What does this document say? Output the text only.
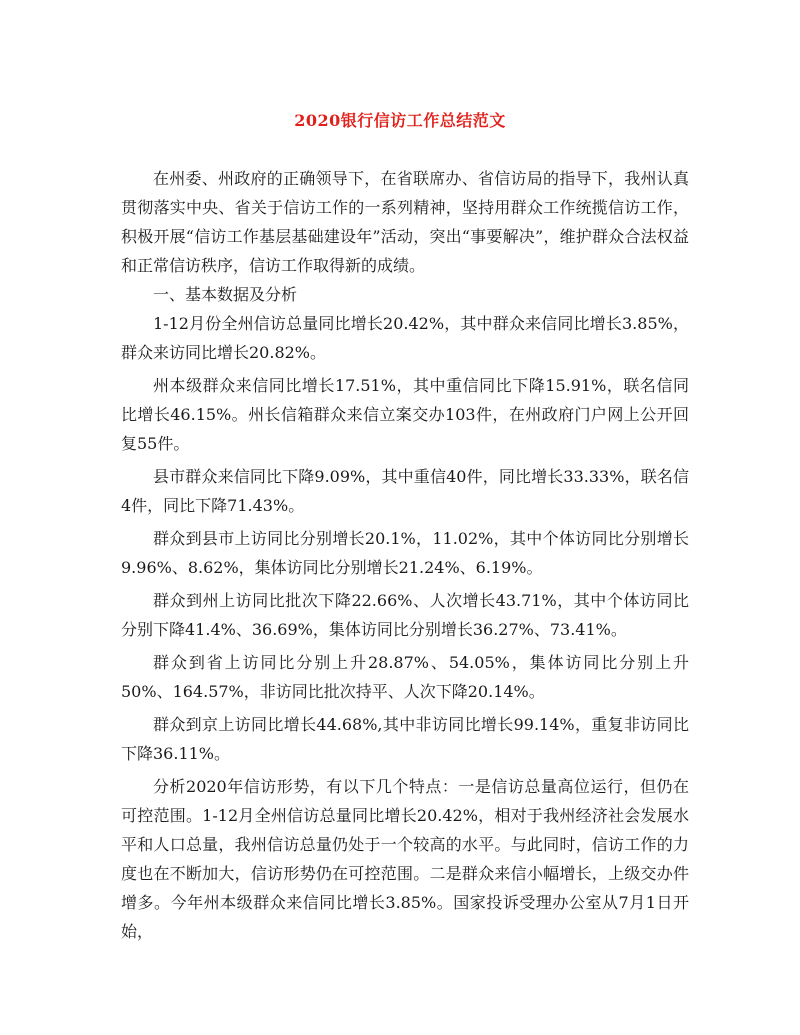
2020银行信访工作总结范文

在州委、州政府的正确领导下，在省联席办、省信访局的指导下，我州认真贯彻落实中央、省关于信访工作的一系列精神，坚持用群众工作统揽信访工作，积极开展“信访工作基层基础建设年”活动，突出“事要解决”，维护群众合法权益和正常信访秩序，信访工作取得新的成绩。

一、基本数据及分析

1-12月份全州信访总量同比增长20.42%，其中群众来信同比增长3.85%，群众来访同比增长20.82%。

州本级群众来信同比增长17.51%，其中重信同比下降15.91%，联名信同比增长46.15%。州长信箱群众来信立案交办103件，在州政府门户网上公开回复55件。

县市群众来信同比下降9.09%，其中重信40件，同比增长33.33%，联名信4件，同比下降71.43%。

群众到县市上访同比分别增长20.1%，11.02%，其中个体访同比分别增长9.96%、8.62%，集体访同比分别增长21.24%、6.19%。

群众到州上访同比批次下降22.66%、人次增长43.71%，其中个体访同比分别下降41.4%、36.69%，集体访同比分别增长36.27%、73.41%。

群众到省上访同比分别上升28.87%、54.05%，集体访同比分别上升50%、164.57%，非访同比批次持平、人次下降20.14%。

群众到京上访同比增长44.68%,其中非访同比增长99.14%，重复非访同比下降36.11%。

分析2020年信访形势，有以下几个特点：一是信访总量高位运行，但仍在可控范围。1-12月全州信访总量同比增长20.42%，相对于我州经济社会发展水平和人口总量，我州信访总量仍处于一个较高的水平。与此同时，信访工作的力度也在不断加大，信访形势仍在可控范围。二是群众来信小幅增长，上级交办件增多。今年州本级群众来信同比增长3.85%。国家投诉受理办公室从7月1日开始，
